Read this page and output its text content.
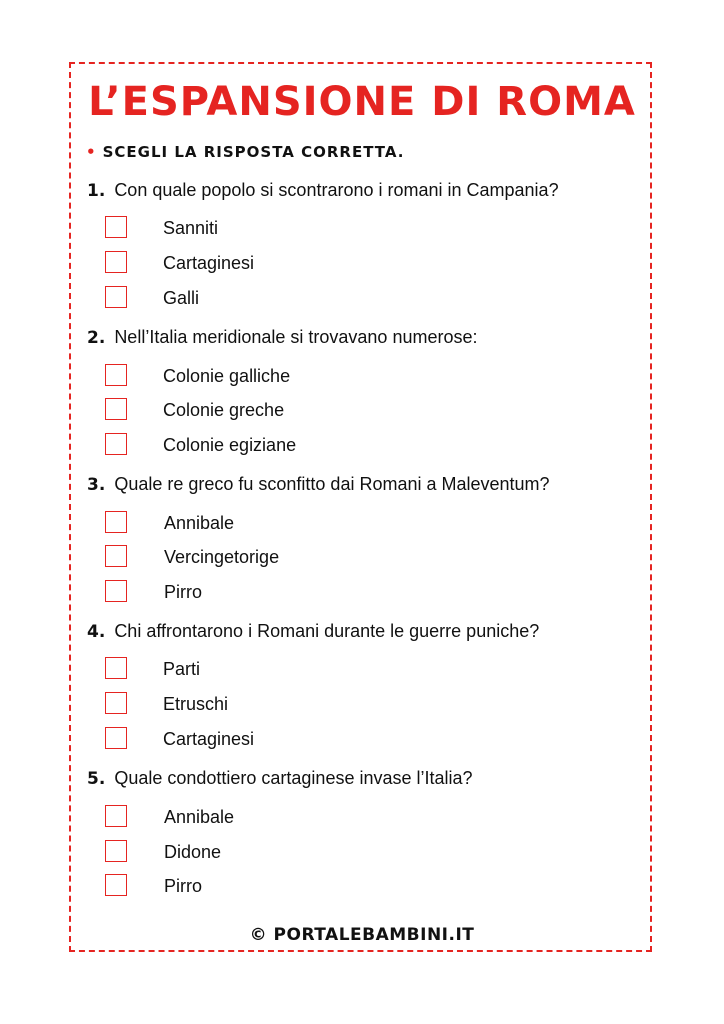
L’ESPANSIONE DI ROMA
• SCEGLI LA RISPOSTA CORRETTA.
1. Con quale popolo si scontrarono i romani in Campania?
Sanniti
Cartaginesi
Galli
2. Nell’Italia meridionale si trovavano numerose:
Colonie galliche
Colonie greche
Colonie egiziane
3. Quale re greco fu sconfitto dai Romani a Maleventum?
Annibale
Vercingetorige
Pirro
4. Chi affrontarono i Romani durante le guerre puniche?
Parti
Etruschi
Cartaginesi
5. Quale condottiero cartaginese invase l’Italia?
Annibale
Didone
Pirro
© PORTALEBAMBINI.IT
